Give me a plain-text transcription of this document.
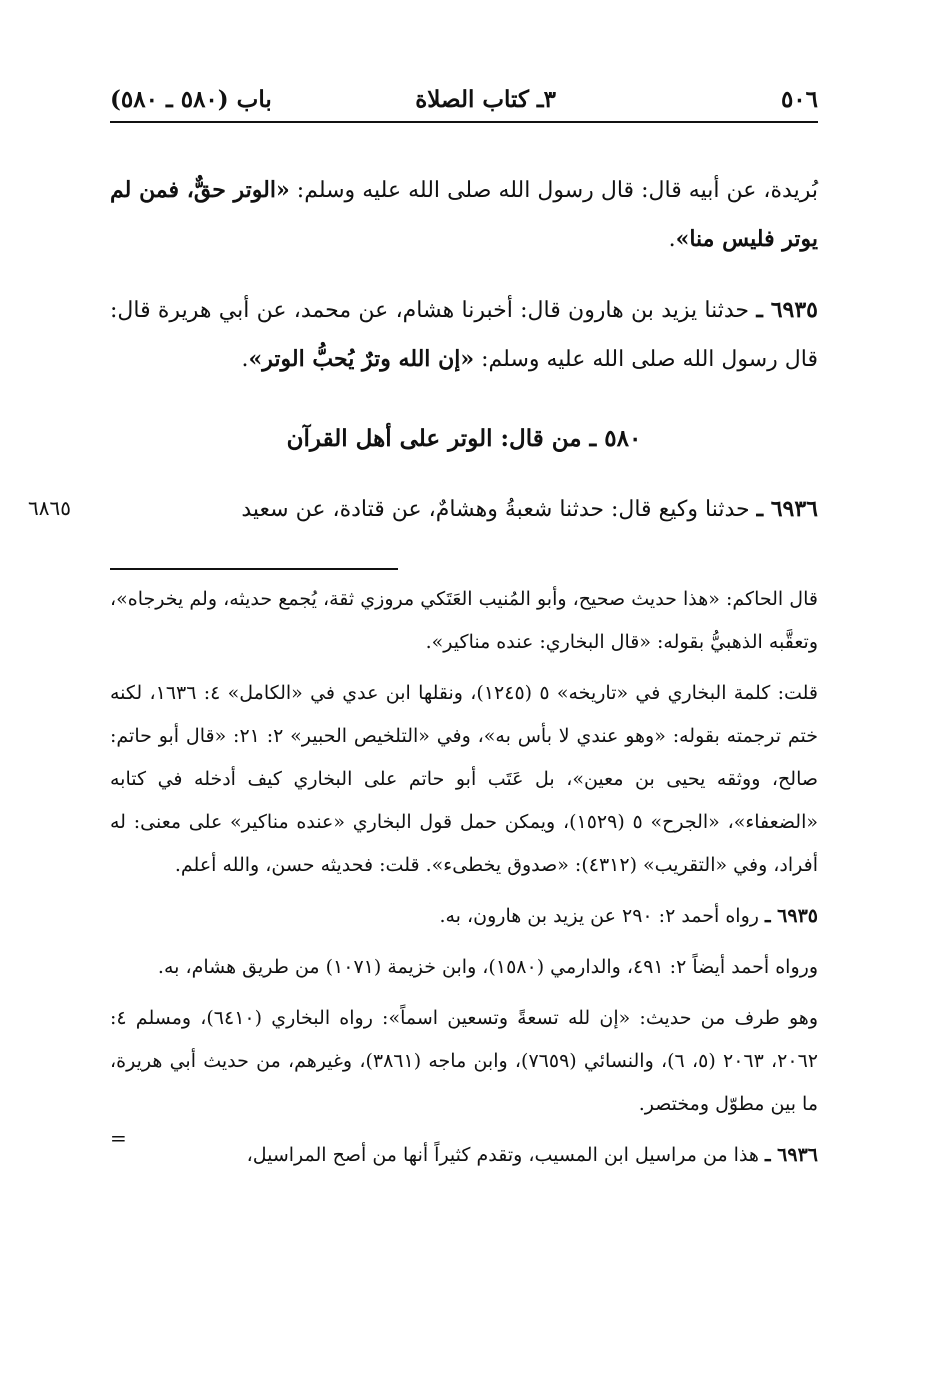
٥٠٦
٣ـ كتاب الصلاة
باب (٥٨٠ ـ ٥٨٠)

بُريدة، عن أبيه قال: قال رسول الله صلى الله عليه وسلم: «الوتر حقٌّ، فمن لم يوتر فليس منا».

٦٩٣٥ ـ حدثنا يزيد بن هارون قال: أخبرنا هشام، عن محمد، عن أبي هريرة قال: قال رسول الله صلى الله عليه وسلم: «إن الله وترٌ يُحبُّ الوتر».

٥٨٠ ـ من قال: الوتر على أهل القرآن

٦٩٣٦ ـ حدثنا وكيع قال: حدثنا شعبةُ وهشامٌ، عن قتادة، عن سعيد
٦٨٦٥

قال الحاكم: «هذا حديث صحيح، وأبو المُنيب العَتَكي مروزي ثقة، يُجمع حديثه، ولم يخرجاه»، وتعقَّبه الذهبيُّ بقوله: «قال البخاري: عنده مناكير».

قلت: كلمة البخاري في «تاريخه» ٥ (١٢٤٥)، ونقلها ابن عدي في «الكامل» ٤: ١٦٣٦، لكنه ختم ترجمته بقوله: «وهو عندي لا بأس به»، وفي «التلخيص الحبير» ٢: ٢١: «قال أبو حاتم: صالح، ووثقه يحيى بن معين»، بل عَتَب أبو حاتم على البخاري كيف أدخله في كتابه «الضعفاء»، «الجرح» ٥ (١٥٢٩)، ويمكن حمل قول البخاري «عنده مناكير» على معنى: له أفراد، وفي «التقريب» (٤٣١٢): «صدوق يخطىء». قلت: فحديثه حسن، والله أعلم.

٦٩٣٥ ـ رواه أحمد ٢: ٢٩٠ عن يزيد بن هارون، به.

ورواه أحمد أيضاً ٢: ٤٩١، والدارمي (١٥٨٠)، وابن خزيمة (١٠٧١) من طريق هشام، به.

وهو طرف من حديث: «إن لله تسعةً وتسعين اسماً»: رواه البخاري (٦٤١٠)، ومسلم ٤: ٢٠٦٢، ٢٠٦٣ (٥، ٦)، والنسائي (٧٦٥٩)، وابن ماجه (٣٨٦١)، وغيرهم، من حديث أبي هريرة، ما بين مطوّل ومختصر.

٦٩٣٦ ـ هذا من مراسيل ابن المسيب، وتقدم كثيراً أنها من أصح المراسيل،

=
